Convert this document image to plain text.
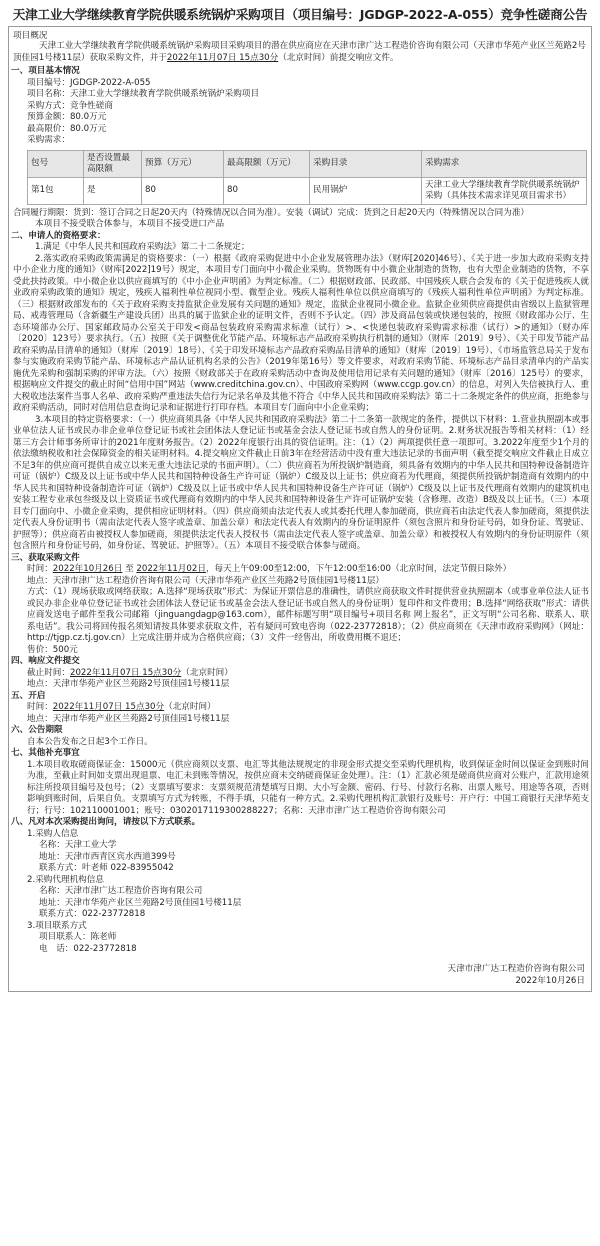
天津工业大学继续教育学院供暖系统锅炉采购项目（项目编号：JGDGP-2022-A-055）竞争性磋商公告
项目概况
天津工业大学继续教育学院供暖系统锅炉采购项目采购项目的潜在供应商应在天津市津广达工程造价咨询有限公司（天津市华苑产业区兰苑路2号顶佳园1号楼11层）获取采购文件，并于2022年11月07日 15点30分（北京时间）前提交响应文件。
一、项目基本情况
项目编号：JGDGP-2022-A-055
项目名称：天津工业大学继续教育学院供暖系统锅炉采购项目
采购方式：竞争性磋商
预算金额：80.0万元
最高限价：80.0万元
采购需求：
包号	是否设置最高限额	预算（万元）	最高限额（万元）	采购目录	采购需求
第1包	是	80	80	民用锅炉	天津工业大学继续教育学院供暖系统锅炉采购（具体技术需求详见项目需求书）
合同履行期限：货到：签订合同之日起20天内（特殊情况以合同为准）。安装（调试）完成：货到之日起20天内（特殊情况以合同为准）
本项目不接受联合体参与，本项目不接受进口产品
二、申请人的资格要求：
1.满足《中华人民共和国政府采购法》第二十二条规定；
2.落实政府采购政策需满足的资格要求：（一）根据《政府采购促进中小企业发展管理办法》（财库[2020]46号）、《关于进一步加大政府采购支持中小企业力度的通知》（财库[2022]19号）规定，本项目专门面向中小微企业采购。货物既有中小微企业制造的货物，也有大型企业制造的货物，不享受此扶持政策。中小微企业以供应商填写的《中小企业声明函》为判定标准。（二）根据财政部、民政部、中国残疾人联合会发布的《关于促进残疾人就业政府采购政策的通知》规定，残疾人福利性单位视同小型、微型企业。残疾人福利性单位以供应商填写的《残疾人福利性单位声明函》为判定标准。（三）根据财政部发布的《关于政府采购支持监狱企业发展有关问题的通知》规定，监狱企业视同小微企业。监狱企业须供应商提供由省级以上监狱管理局、戒毒管理局（含新疆生产建设兵团）出具的属于监狱企业的证明文件，否则不予认定。（四）涉及商品包装或快递包装的，按照《财政部办公厅、生态环境部办公厅、国家邮政局办公室关于印发<商品包装政府采购需求标准（试行）>、<快递包装政府采购需求标准（试行）>的通知》（财办库〔2020〕123号）要求执行。（五）按照《关于调整优化节能产品、环境标志产品政府采购执行机制的通知》（财库〔2019〕9号）、《关于印发节能产品政府采购品目清单的通知》（财库〔2019〕18号）、《关于印发环境标志产品政府采购品目清单的通知》（财库〔2019〕19号）、《市场监管总局关于发布参与实施政府采购节能产品、环境标志产品认证机构名录的公告》（2019年第16号）等文件要求，对政府采购节能、环境标志产品目录清单内的产品实施优先采购和强制采购的评审方法。（六）按照《财政部关于在政府采购活动中查询及使用信用记录有关问题的通知》（财库〔2016〕125号）的要求，根据响应文件提交的截止时间“信用中国”网站（www.creditchina.gov.cn）、中国政府采购网（www.ccgp.gov.cn）的信息，对列入失信被执行人、重大税收违法案件当事人名单、政府采购严重违法失信行为记录名单及其他不符合《中华人民共和国政府采购法》第二十二条规定条件的供应商，拒绝参与政府采购活动，同时对信用信息查询记录和证据进行打印存档。本项目专门面向中小企业采购；
3.本项目的特定资格要求：（一）供应商须具备《中华人民共和国政府采购法》第二十二条第一款规定的条件，提供以下材料：1.营业执照副本或事业单位法人证书或民办非企业单位登记证书或社会团体法人登记证书或基金会法人登记证书或自然人的身份证明。2.财务状况报告等相关材料：（1）经第三方会计师事务所审计的2021年度财务报告。（2）2022年度银行出具的资信证明。注：（1）（2）两项提供任意一项即可。3.2022年度至少1个月的依法缴纳税收和社会保障资金的相关证明材料。4.提交响应文件截止日前3年在经营活动中没有重大违法记录的书面声明（截至提交响应文件截止日成立不足3年的供应商可提供自成立以来无重大违法记录的书面声明）。（二）供应商若为所投锅炉制造商，须具备有效期内的中华人民共和国特种设备制造许可证（锅炉）C级及以上证书或中华人民共和国特种设备生产许可证（锅炉）C级及以上证书；供应商若为代理商，须提供所投锅炉制造商有效期内的中华人民共和国特种设备制造许可证（锅炉）C级及以上证书或中华人民共和国特种设备生产许可证（锅炉）C级及以上证书及代理商有效期内的建筑机电安装工程专业承包叁级及以上资质证书或代理商有效期内的中华人民共和国特种设备生产许可证锅炉安装（含修理、改造）B级及以上证书。（三）本项目专门面向中、小微企业采购，提供相应证明材料。（四）供应商须由法定代表人或其委托代理人参加磋商，供应商若由法定代表人参加磋商，须提供法定代表人身份证明书（需由法定代表人签字或盖章、加盖公章）和法定代表人有效期内的身份证明原件（须包含照片和身份证号码，如身份证、驾驶证、护照等）；供应商若由被授权人参加磋商，须提供法定代表人授权书（需由法定代表人签字或盖章、加盖公章）和被授权人有效期内的身份证明原件（须包含照片和身份证号码，如身份证、驾驶证、护照等）。（五）本项目不接受联合体参与磋商。
三、获取采购文件
时间：2022年10月26日 至 2022年11月02日，每天上午09:00至12:00，下午12:00至16:00（北京时间，法定节假日除外）
地点：天津市津广达工程造价咨询有限公司（天津市华苑产业区兰苑路2号顶佳园1号楼11层）
方式：（1）现场获取或网络获取；A.选择“现场获取”形式：为保证开票信息的准确性，请供应商获取文件时提供营业执照副本（或事业单位法人证书或民办非企业单位登记证书或社会团体法人登记证书或基金会法人登记证书或自然人的身份证明）复印件和文件费用；B.选择“网络获取”形式：请供应商发送电子邮件至我公司邮箱（jinguangdagp@163.com），邮件标题写明“项目编号+项目名称 网上报名”，正文写明“公司名称、联系人、联系电话”。我公司将回传报名须知请按具体要求获取文件，若有疑问可致电咨询（022-23772818）；（2）供应商须在《天津市政府采购网》（网址：http://tjgp.cz.tj.gov.cn）上完成注册并成为合格供应商；（3）文件一经售出，所收费用概不退还；
售价：500元
四、响应文件提交
截止时间：2022年11月07日 15点30分（北京时间）
地点：天津市华苑产业区兰苑路2号顶佳园1号楼11层
五、开启
时间：2022年11月07日 15点30分（北京时间）
地点：天津市华苑产业区兰苑路2号顶佳园1号楼11层
六、公告期限
自本公告发布之日起3个工作日。
七、其他补充事宜
1.本项目收取磋商保证金：15000元（供应商须以支票、电汇等其他法规规定的非现金形式提交至采购代理机构，收到保证金时间以保证金到账时间为准，至截止时间如支票出现退票、电汇未到账等情况，按供应商未交纳磋商保证金处理）。注：（1）汇款必须是磋商供应商对公账户，汇款用途须标注所投项目编号及包号；（2）支票填写要求：支票须规范清楚填写日期、大小写金额、密码、行号、付款行名称、出票人账号、用途等各项，否则影响到账时间，后果自负。支票填写方式为转账，不得手填，只能有一种方式。2.采购代理机构汇款银行及账号：开户行：中国工商银行天津华苑支行；行号：102110001001；账号：0302017119300288227；名称：天津市津广达工程造价咨询有限公司
八、凡对本次采购提出询问，请按以下方式联系。
1.采购人信息
名称：天津工业大学
地址：天津市西青区宾水西道399号
联系方式：叶老师 022-83955042
2.采购代理机构信息
名称：天津市津广达工程造价咨询有限公司
地址：天津市华苑产业区兰苑路2号顶佳园1号楼11层
联系方式：022-23772818
3.项目联系方式
项目联系人：陈老师
电　话：022-23772818
天津市津广达工程造价咨询有限公司
2022年10月26日
